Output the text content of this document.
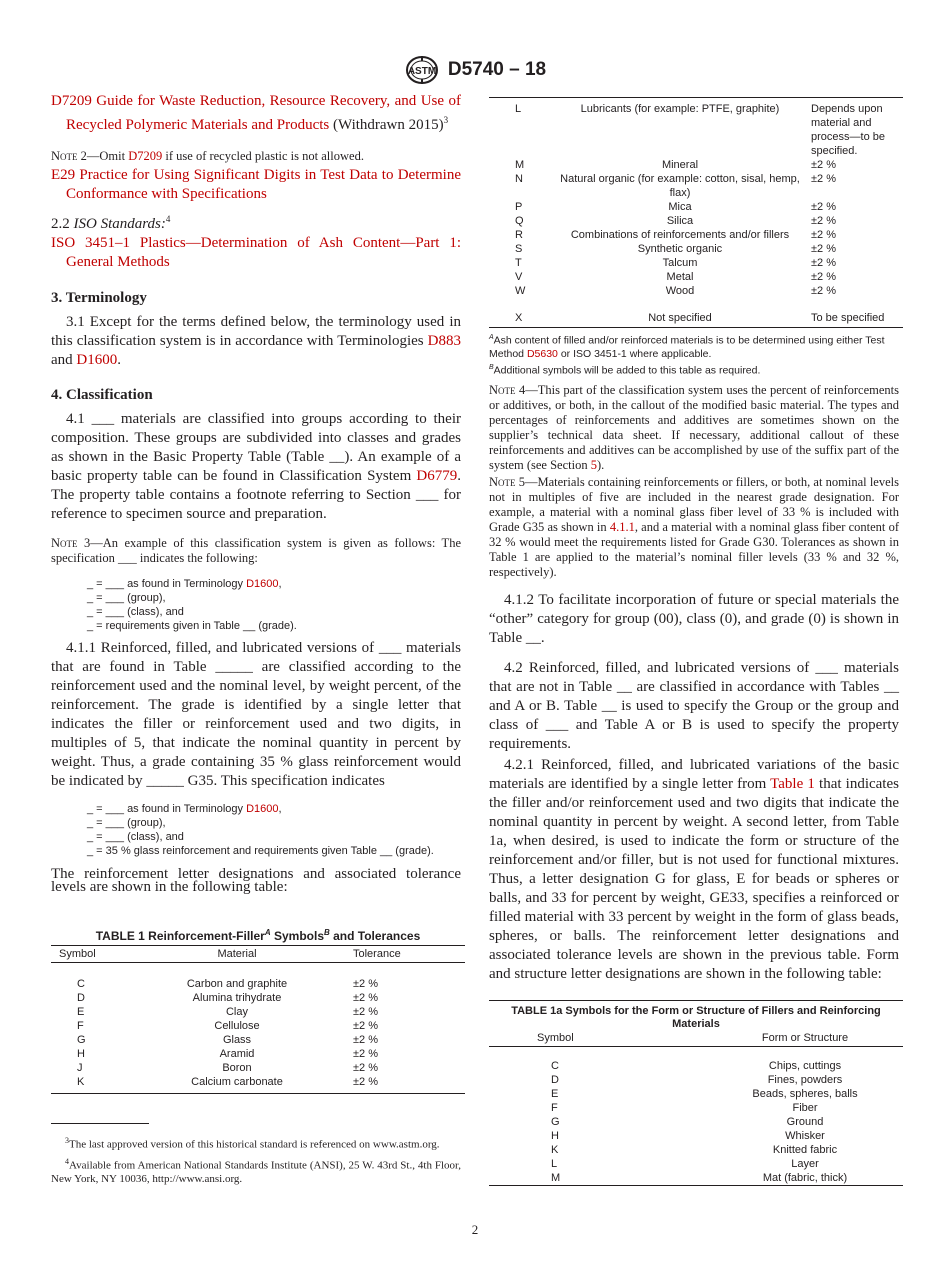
ASTM D5740 – 18

D7209 Guide for Waste Reduction, Resource Recovery, and Use of Recycled Polymeric Materials and Products (Withdrawn 2015)$^3$

Note 2—Omit D7209 if use of recycled plastic is not allowed.

E29 Practice for Using Significant Digits in Test Data to Determine Conformance with Specifications

2.2 ISO Standards:$^4$

ISO 3451–1 Plastics—Determination of Ash Content—Part 1: General Methods

3. Terminology

3.1 Except for the terms defined below, the terminology used in this classification system is in accordance with Terminologies D883 and D1600.

4. Classification

4.1 ___ materials are classified into groups according to their composition. These groups are subdivided into classes and grades as shown in the Basic Property Table (Table __). An example of a basic property table can be found in Classification System D6779. The property table contains a footnote referring to Section ___ for reference to specimen source and preparation.

Note 3—An example of this classification system is given as follows: The specification ___ indicates the following:

_ = ___ as found in Terminology D1600,

_ = ___ (group),

_ = ___ (class), and

_ = requirements given in Table __ (grade).

4.1.1 Reinforced, filled, and lubricated versions of ___ materials that are found in Table _____ are classified according to the reinforcement used and the nominal level, by weight percent, of the reinforcement. The grade is identified by a single letter that indicates the filler or reinforcement used and two digits, in multiples of 5, that indicate the nominal quantity in percent by weight. Thus, a grade containing 35 % glass reinforcement would be indicated by _____ G35. This specification indicates

_ = ___ as found in Terminology D1600,

_ = ___ (group),

_ = ___ (class), and

_ = 35 % glass reinforcement and requirements given Table __ (grade).

The reinforcement letter designations and associated tolerance levels are shown in the following table:

TABLE 1 Reinforcement-Filler$^A$ Symbols$^B$ and Tolerances
Symbol	Material	Tolerance

C	Carbon and graphite	±2 %
D	Alumina trihydrate	±2 %
E	Clay	±2 %
F	Cellulose	±2 %
G	Glass	±2 %
H	Aramid	±2 %
J	Boron	±2 %
K	Calcium carbonate	±2 %

$^3$The last approved version of this historical standard is referenced on www.astm.org.

$^4$Available from American National Standards Institute (ANSI), 25 W. 43rd St., 4th Floor, New York, NY 10036, http://www.ansi.org.

L	Lubricants (for example: PTFE, graphite)	Depends upon material and process—to be specified.
M	Mineral	±2 %
N	Natural organic (for example: cotton, sisal, hemp, flax)	±2 %
P	Mica	±2 %
Q	Silica	±2 %
R	Combinations of reinforcements and/or fillers	±2 %
S	Synthetic organic	±2 %
T	Talcum	±2 %
V	Metal	±2 %
W	Wood	±2 %
X	Not specified	To be specified

$^A$Ash content of filled and/or reinforced materials is to be determined using either Test Method D5630 or ISO 3451-1 where applicable.

$^B$Additional symbols will be added to this table as required.

Note 4—This part of the classification system uses the percent of reinforcements or additives, or both, in the callout of the modified basic material. The types and percentages of reinforcements and additives are sometimes shown on the supplier’s technical data sheet. If necessary, additional callout of these reinforcements and additives can be accomplished by use of the suffix part of the system (see Section 5).

Note 5—Materials containing reinforcements or fillers, or both, at nominal levels not in multiples of five are included in the nearest grade designation. For example, a material with a nominal glass fiber level of 33 % is included with Grade G35 as shown in 4.1.1, and a material with a nominal glass fiber content of 32 % would meet the requirements listed for Grade G30. Tolerances as shown in Table 1 are applied to the material’s nominal filler levels (33 % and 32 %, respectively).

4.1.2 To facilitate incorporation of future or special materials the “other” category for group (00), class (0), and grade (0) is shown in Table __.

4.2 Reinforced, filled, and lubricated versions of ___ materials that are not in Table __ are classified in accordance with Tables __ and A or B. Table __ is used to specify the Group or the group and class of ___ and Table A or B is used to specify the property requirements.

4.2.1 Reinforced, filled, and lubricated variations of the basic materials are identified by a single letter from Table 1 that indicates the filler and/or reinforcement used and two digits that indicate the nominal quantity in percent by weight. A second letter, from Table 1a, when desired, is used to indicate the form or structure of the reinforcement and/or filler, but is not used for functional mixtures. Thus, a letter designation G for glass, E for beads or spheres or balls, and 33 for percent by weight, GE33, specifies a reinforced or filled material with 33 percent by weight in the form of glass beads, spheres, or balls. The reinforcement letter designations and associated tolerance levels are shown in the previous table. Form and structure letter designations are shown in the following table:

TABLE 1a Symbols for the Form or Structure of Fillers and Reinforcing Materials	
Symbol	Form or Structure

C	Chips, cuttings
D	Fines, powders
E	Beads, spheres, balls
F	Fiber
G	Ground
H	Whisker
K	Knitted fabric
L	Layer
M	Mat (fabric, thick)
2
